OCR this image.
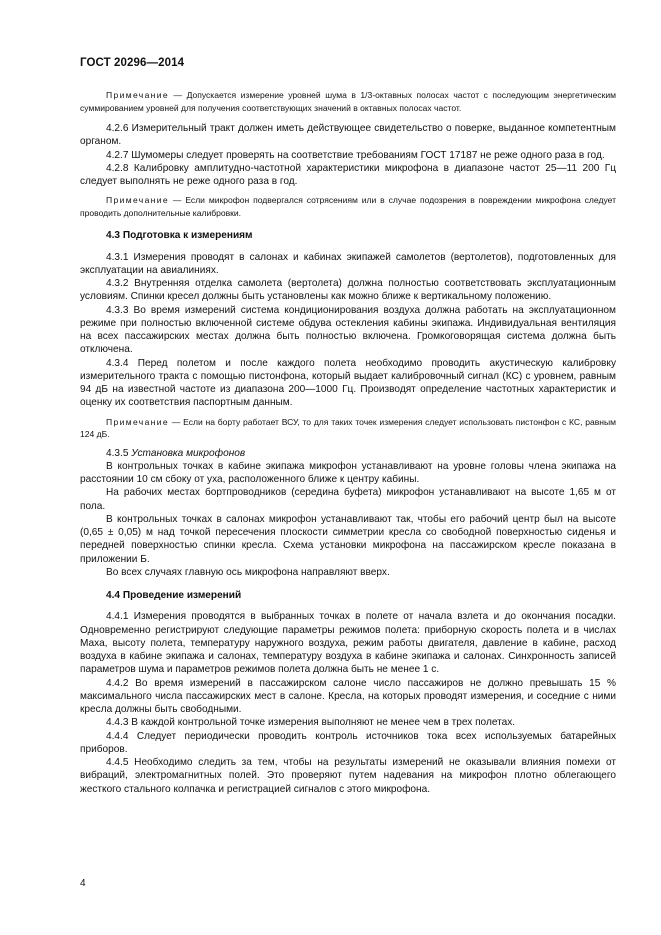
ГОСТ 20296—2014

Примечание — Допускается измерение уровней шума в 1/3-октавных полосах частот с последующим энергетическим суммированием уровней для получения соответствующих значений в октавных полосах частот.

4.2.6 Измерительный тракт должен иметь действующее свидетельство о поверке, выданное компетентным органом.

4.2.7 Шумомеры следует проверять на соответствие требованиям ГОСТ 17187 не реже одного раза в год.

4.2.8 Калибровку амплитудно-частотной характеристики микрофона в диапазоне частот 25—11 200 Гц следует выполнять не реже одного раза в год.

Примечание — Если микрофон подвергался сотрясениям или в случае подозрения в повреждении микрофона следует проводить дополнительные калибровки.

4.3 Подготовка к измерениям

4.3.1 Измерения проводят в салонах и кабинах экипажей самолетов (вертолетов), подготовленных для эксплуатации на авиалиниях.

4.3.2 Внутренняя отделка самолета (вертолета) должна полностью соответствовать эксплуатационным условиям. Спинки кресел должны быть установлены как можно ближе к вертикальному положению.

4.3.3 Во время измерений система кондиционирования воздуха должна работать на эксплуатационном режиме при полностью включенной системе обдува остекления кабины экипажа. Индивидуальная вентиляция на всех пассажирских местах должна быть полностью включена. Громкоговорящая система должна быть отключена.

4.3.4 Перед полетом и после каждого полета необходимо проводить акустическую калибровку измерительного тракта с помощью пистонфона, который выдает калибровочный сигнал (КС) с уровнем, равным 94 дБ на известной частоте из диапазона 200—1000 Гц. Производят определение частотных характеристик и оценку их соответствия паспортным данным.

Примечание — Если на борту работает ВСУ, то для таких точек измерения следует использовать пистонфон с КС, равным 124 дБ.

4.3.5 Установка микрофонов

В контрольных точках в кабине экипажа микрофон устанавливают на уровне головы члена экипажа на расстоянии 10 см сбоку от уха, расположенного ближе к центру кабины.

На рабочих местах бортпроводников (середина буфета) микрофон устанавливают на высоте 1,65 м от пола.

В контрольных точках в салонах микрофон устанавливают так, чтобы его рабочий центр был на высоте (0,65 ± 0,05) м над точкой пересечения плоскости симметрии кресла со свободной поверхностью сиденья и передней поверхностью спинки кресла. Схема установки микрофона на пассажирском кресле показана в приложении Б.

Во всех случаях главную ось микрофона направляют вверх.

4.4 Проведение измерений

4.4.1 Измерения проводятся в выбранных точках в полете от начала взлета и до окончания посадки. Одновременно регистрируют следующие параметры режимов полета: приборную скорость полета и в числах Маха, высоту полета, температуру наружного воздуха, режим работы двигателя, давление в кабине, расход воздуха в кабине экипажа и салонах, температуру воздуха в кабине экипажа и салонах. Синхронность записей параметров шума и параметров режимов полета должна быть не менее 1 с.

4.4.2 Во время измерений в пассажирском салоне число пассажиров не должно превышать 15 % максимального числа пассажирских мест в салоне. Кресла, на которых проводят измерения, и соседние с ними кресла должны быть свободными.

4.4.3 В каждой контрольной точке измерения выполняют не менее чем в трех полетах.

4.4.4 Следует периодически проводить контроль источников тока всех используемых батарейных приборов.

4.4.5 Необходимо следить за тем, чтобы на результаты измерений не оказывали влияния помехи от вибраций, электромагнитных полей. Это проверяют путем надевания на микрофон плотно облегающего жесткого стального колпачка и регистрацией сигналов с этого микрофона.

4
